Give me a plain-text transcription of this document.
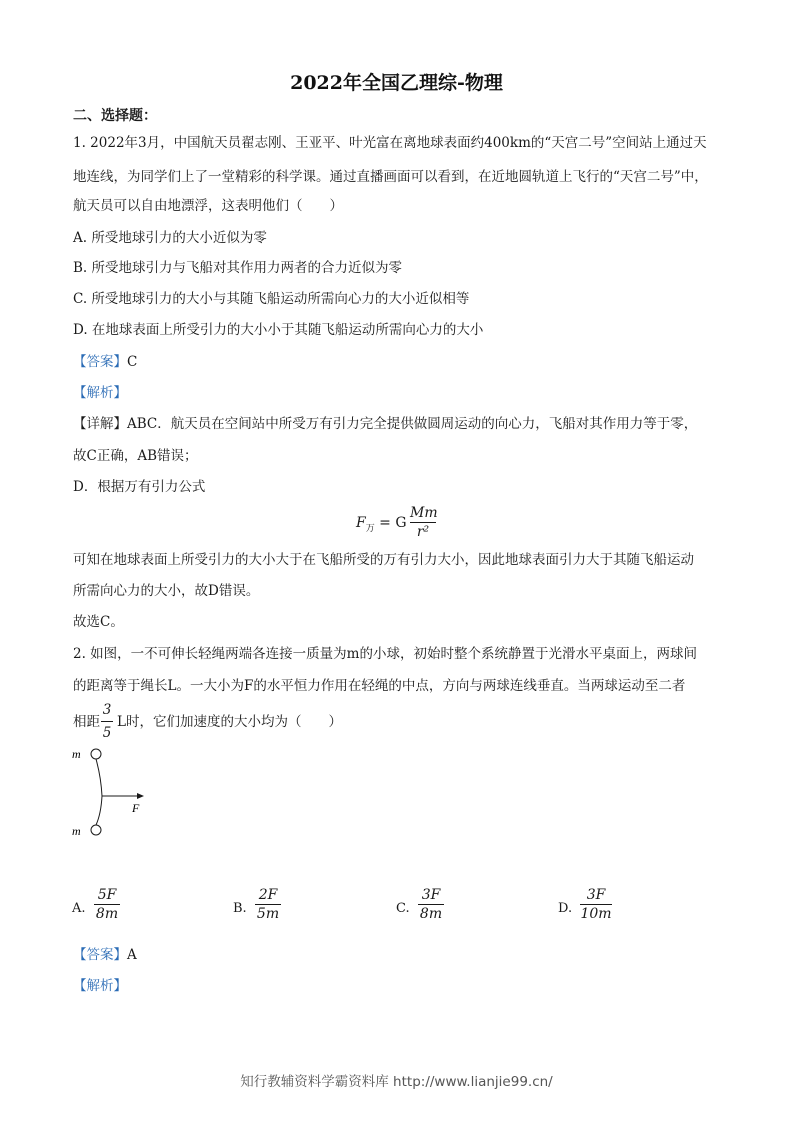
2022年全国乙理综-物理
二、选择题：
1. 2022年3月，中国航天员翟志刚、王亚平、叶光富在离地球表面约400km的“天宫二号”空间站上通过天
地连线，为同学们上了一堂精彩的科学课。通过直播画面可以看到，在近地圆轨道上飞行的“天宫二号”中，
航天员可以自由地漂浮，这表明他们（　　）
A. 所受地球引力的大小近似为零
B. 所受地球引力与飞船对其作用力两者的合力近似为零
C. 所受地球引力的大小与其随飞船运动所需向心力的大小近似相等
D. 在地球表面上所受引力的大小小于其随飞船运动所需向心力的大小
【答案】C
【解析】
【详解】ABC．航天员在空间站中所受万有引力完全提供做圆周运动的向心力，飞船对其作用力等于零，
故C正确，AB错误；
D．根据万有引力公式
$F_万 = G$
Mm
r²
可知在地球表面上所受引力的大小大于在飞船所受的万有引力大小，因此地球表面引力大于其随飞船运动
所需向心力的大小，故D错误。
故选C。
2. 如图，一不可伸长轻绳两端各连接一质量为m的小球，初始时整个系统静置于光滑水平桌面上，两球间
的距离等于绳长L。一大小为F的水平恒力作用在轻绳的中点，方向与两球连线垂直。当两球运动至二者
相距
3
5
L时，它们加速度的大小均为（　　）
m
m
F
A.
5F
8m	B.
2F
5m	C.
3F
8m	D.
3F
10m
【答案】A
【解析】
知行教辅资料学霸资料库 http://www.lianjie99.cn/
